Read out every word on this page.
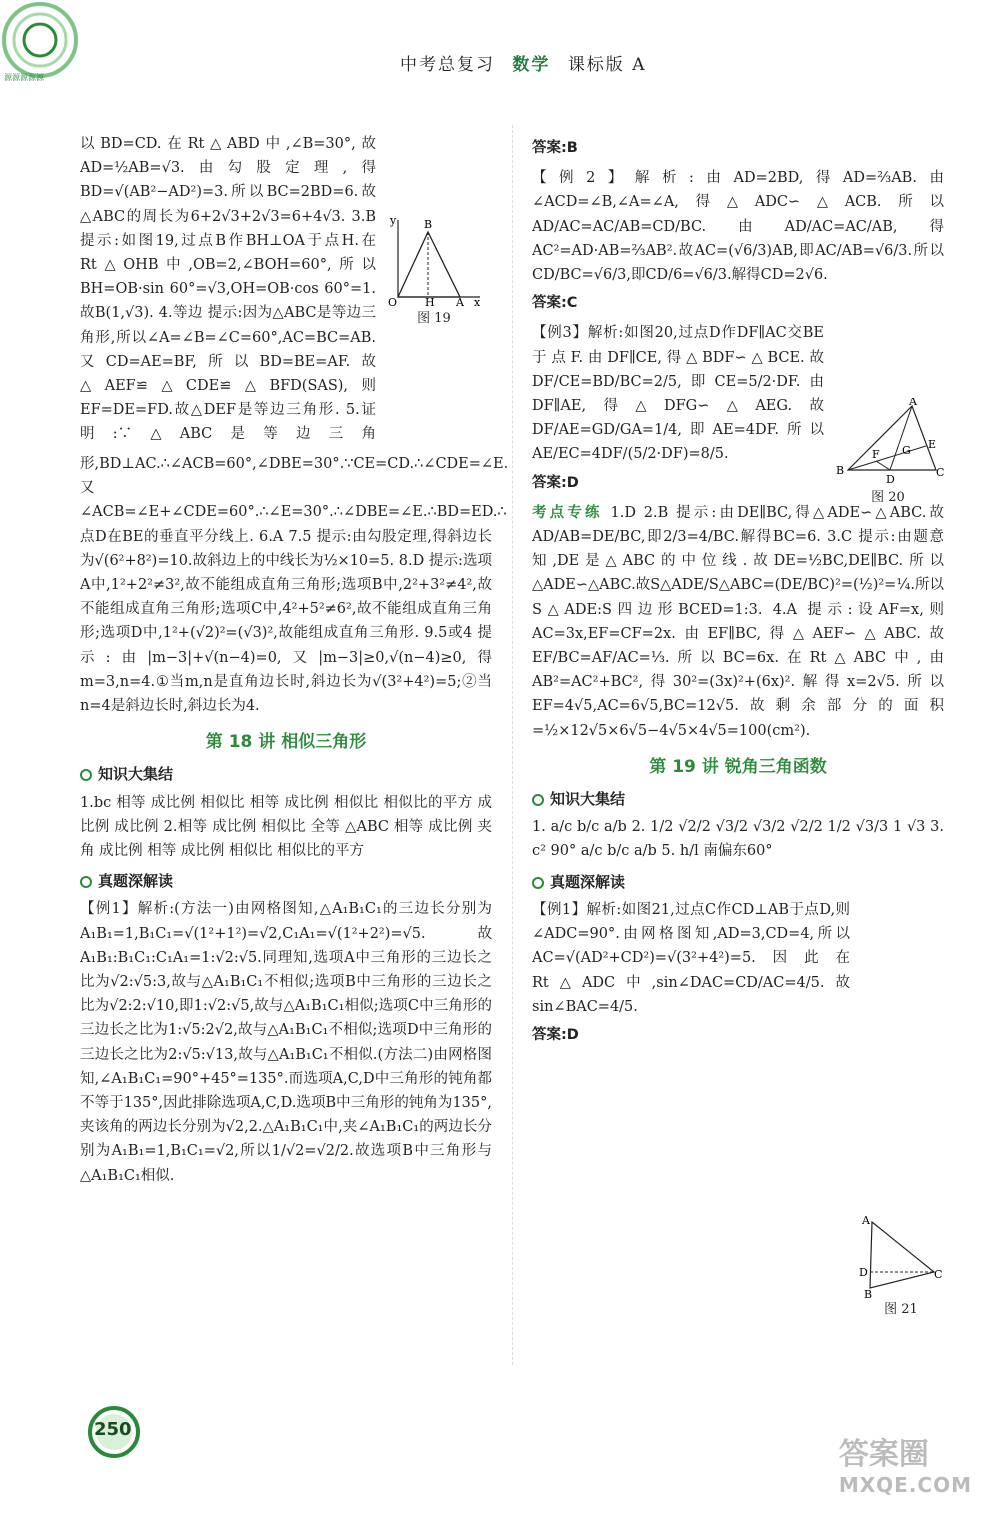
源源源源源
中考总复习 数学 课标版 A

以BD=CD.在Rt△ABD中,∠B=30°,故AD=½AB=√3.由勾股定理,得BD=√(AB²−AD²)=3.所以BC=2BD=6.故△ABC的周长为6+2√3+2√3=6+4√3. 3.B 提示:如图19,过点B作BH⊥OA于点H.在Rt△OHB中,OB=2,∠BOH=60°,所以BH=OB·sin 60°=√3,OH=OB·cos 60°=1.故B(1,√3). 4.等边 提示:因为△ABC是等边三角形,所以∠A=∠B=∠C=60°,AC=BC=AB.又CD=AE=BF,所以BD=BE=AF.故△AEF≌△CDE≌△BFD(SAS),则EF=DE=FD.故△DEF是等边三角形. 5.证明:∵△ABC是等边三角形,BD⊥AC.∴∠ACB=60°,∠DBE=30°.∵CE=CD.∴∠CDE=∠E.又∠ACB=∠E+∠CDE=60°.∴∠E=30°.∴∠DBE=∠E.∴BD=ED.∴点D在BE的垂直平分线上. 6.A 7.5 提示:由勾股定理,得斜边长为√(6²+8²)=10.故斜边上的中线长为½×10=5. 8.D 提示:选项A中,1²+2²≠3²,故不能组成直角三角形;选项B中,2²+3²≠4²,故不能组成直角三角形;选项C中,4²+5²≠6²,故不能组成直角三角形;选项D中,1²+(√2)²=(√3)²,故能组成直角三角形. 9.5或4 提示:由|m−3|+√(n−4)=0,又|m−3|≥0,√(n−4)≥0,得m=3,n=4.①当m,n是直角边长时,斜边长为√(3²+4²)=5;②当n=4是斜边长时,斜边长为4.

第 18 讲 相似三角形
知识大集结

1.bc 相等 成比例 相似比 相等 成比例 相似比 相似比的平方 成比例 成比例 2.相等 成比例 相似比 全等 △ABC 相等 成比例 夹角 成比例 相等 成比例 相似比 相似比的平方

真题深解读

【例1】解析:(方法一)由网格图知,△A₁B₁C₁的三边长分别为A₁B₁=1,B₁C₁=√(1²+1²)=√2,C₁A₁=√(1²+2²)=√5.故A₁B₁:B₁C₁:C₁A₁=1:√2:√5.同理知,选项A中三角形的三边长之比为√2:√5:3,故与△A₁B₁C₁不相似;选项B中三角形的三边长之比为√2:2:√10,即1:√2:√5,故与△A₁B₁C₁相似;选项C中三角形的三边长之比为1:√5:2√2,故与△A₁B₁C₁不相似;选项D中三角形的三边长之比为2:√5:√13,故与△A₁B₁C₁不相似.(方法二)由网格图知,∠A₁B₁C₁=90°+45°=135°.而选项A,C,D中三角形的钝角都不等于135°,因此排除选项A,C,D.选项B中三角形的钝角为135°,夹该角的两边长分别为√2,2.△A₁B₁C₁中,夹∠A₁B₁C₁的两边长分别为A₁B₁=1,B₁C₁=√2,所以1/√2=√2/2.故选项B中三角形与△A₁B₁C₁相似.

B
y
O	H A x
图 19
答案:B

【例2】解析:由AD=2BD,得AD=⅔AB.由∠ACD=∠B,∠A=∠A,得△ADC∽△ACB.所以AD/AC=AC/AB=CD/BC.由AD/AC=AC/AB,得AC²=AD·AB=⅔AB².故AC=(√6/3)AB,即AC/AB=√6/3.所以CD/BC=√6/3,即CD/6=√6/3.解得CD=2√6.

答案:C

【例3】解析:如图20,过点D作DF∥AC交BE于点F.由DF∥CE,得△BDF∽△BCE.故DF/CE=BD/BC=2/5,即CE=5/2·DF.由DF∥AE,得△DFG∽△AEG.故DF/AE=GD/GA=1/4,即AE=4DF.所以AE/EC=4DF/(5/2·DF)=8/5.

答案:D

考点专练 1.D 2.B 提示:由DE∥BC,得△ADE∽△ABC.故AD/AB=DE/BC,即2/3=4/BC.解得BC=6. 3.C 提示:由题意知,DE是△ABC的中位线.故DE=½BC,DE∥BC.所以△ADE∽△ABC.故S△ADE/S△ABC=(DE/BC)²=(½)²=¼.所以S△ADE:S四边形BCED=1:3. 4.A 提示:设AF=x,则AC=3x,EF=CF=2x.由EF∥BC,得△AEF∽△ABC.故EF/BC=AF/AC=⅓.所以BC=6x.在Rt△ABC中,由AB²=AC²+BC²,得30²=(3x)²+(6x)².解得x=2√5.所以EF=4√5,AC=6√5,BC=12√5.故剩余部分的面积=½×12√5×6√5−4√5×4√5=100(cm²).

第 19 讲 锐角三角函数
知识大集结

1. a/c b/c a/b 2. 1/2 √2/2 √3/2 √3/2 √2/2 1/2 √3/3 1 √3 3. c² 90° a/c b/c a/b 5. h/l 南偏东60°

真题深解读

【例1】解析:如图21,过点C作CD⊥AB于点D,则∠ADC=90°.由网格图知,AD=3,CD=4,所以AC=√(AD²+CD²)=√(3²+4²)=5.因此在Rt△ADC中,sin∠DAC=CD/AC=4/5.故sin∠BAC=4/5.

答案:D
A
E
G
F
B
D
C
图 20
A
D	C
B
图 21
250
答案圈
MXQE.COM
